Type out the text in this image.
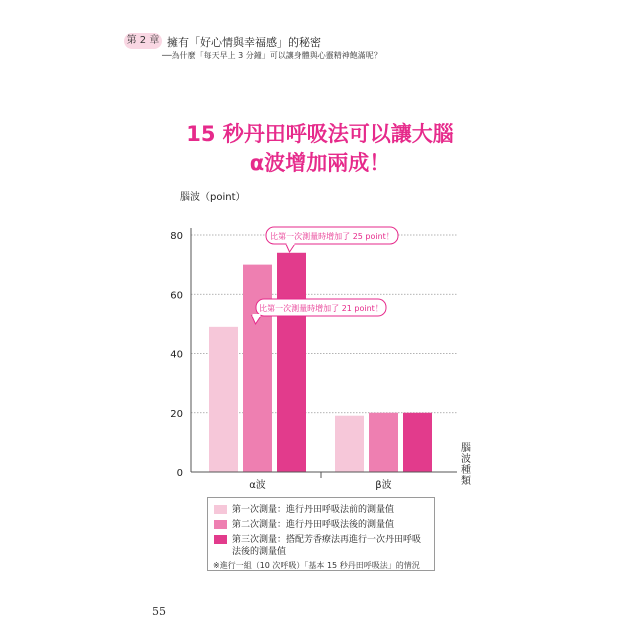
第 2 章 擁有「好心情與幸福感」的秘密
──為什麼「每天早上 3 分鐘」可以讓身體與心靈精神飽滿呢？
15 秒丹田呼吸法可以讓大腦
α波增加兩成！
0
20
40
60
80
α波	β波
腦波（point）
腦波種類
比第一次測量時增加了 25 point！
比第一次測量時增加了 21 point！
第一次測量：進行丹田呼吸法前的測量值
第二次測量：進行丹田呼吸法後的測量值
第三次測量：搭配芳香療法再進行一次丹田呼吸法後的測量值
※進行一組（10 次呼吸）「基本 15 秒丹田呼吸法」的情況
55
